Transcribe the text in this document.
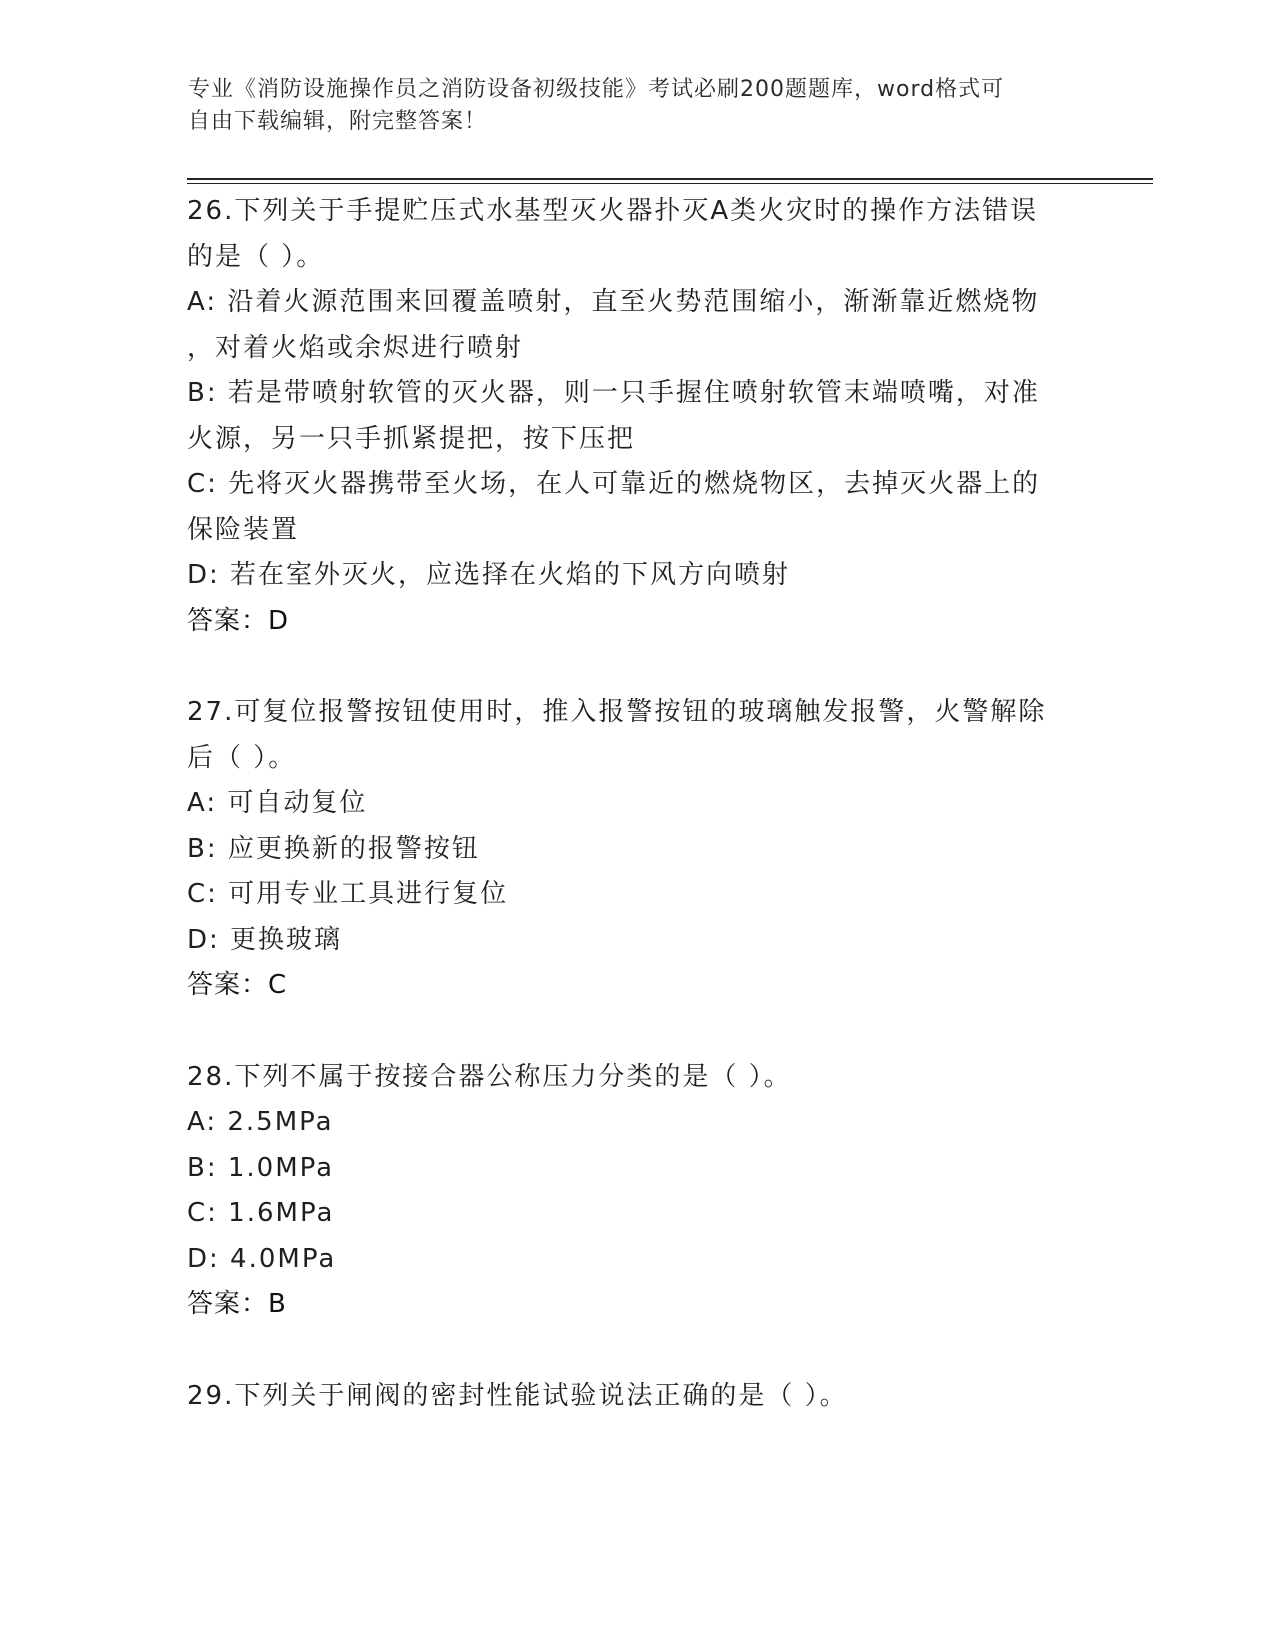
专业《消防设施操作员之消防设备初级技能》考试必刷200题题库，word格式可
自由下载编辑，附完整答案！
26.下列关于手提贮压式水基型灭火器扑灭A类火灾时的操作方法错误
的是（ ）。
A: 沿着火源范围来回覆盖喷射，直至火势范围缩小，渐渐靠近燃烧物
，对着火焰或余烬进行喷射
B: 若是带喷射软管的灭火器，则一只手握住喷射软管末端喷嘴，对准
火源，另一只手抓紧提把，按下压把
C: 先将灭火器携带至火场，在人可靠近的燃烧物区，去掉灭火器上的
保险装置
D: 若在室外灭火，应选择在火焰的下风方向喷射
答案：D
27.可复位报警按钮使用时，推入报警按钮的玻璃触发报警，火警解除
后（ ）。
A: 可自动复位
B: 应更换新的报警按钮
C: 可用专业工具进行复位
D: 更换玻璃
答案：C
28.下列不属于按接合器公称压力分类的是（ ）。
A: 2.5MPa
B: 1.0MPa
C: 1.6MPa
D: 4.0MPa
答案：B
29.下列关于闸阀的密封性能试验说法正确的是（ ）。
